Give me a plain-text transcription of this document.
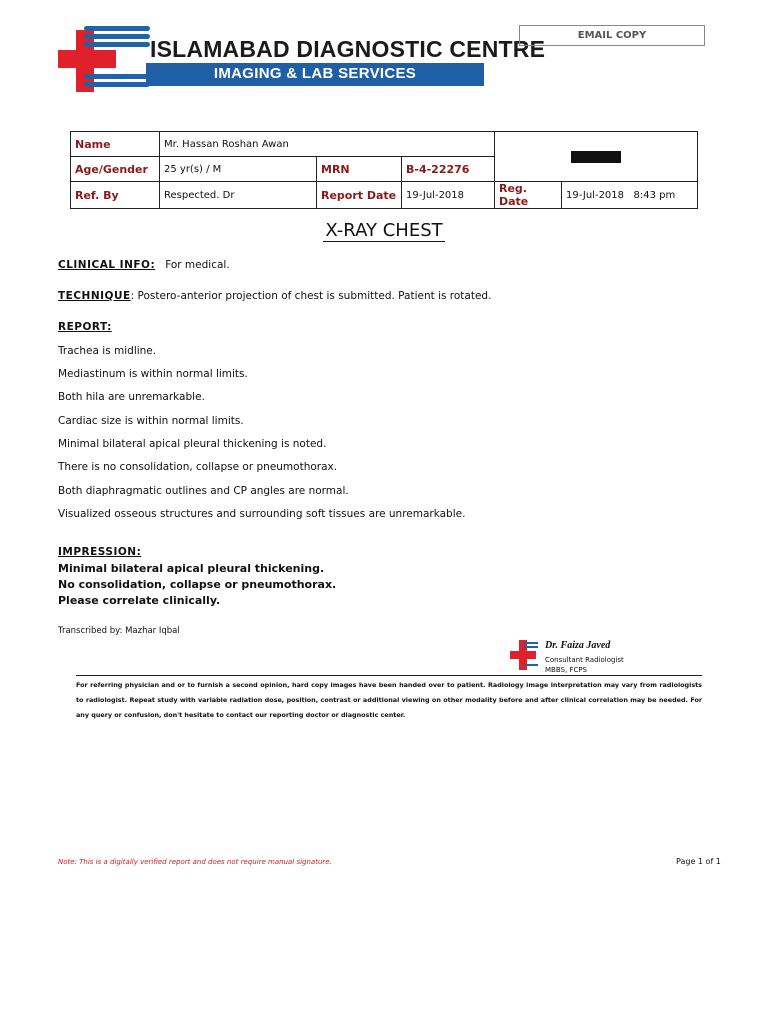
ISLAMABAD DIAGNOSTIC CENTRE
IMAGING & LAB SERVICES
EMAIL COPY
Name	Mr. Hassan Roshan Awan				
Age/Gender	25 yr(s) / M	MRN	B-4-22276		
Ref. By	Respected. Dr	Report Date	19-Jul-2018	Reg. Date	19-Jul-2018   8:43 pm
X-RAY CHEST
CLINICAL INFO: For medical.
TECHNIQUE: Postero-anterior projection of chest is submitted. Patient is rotated.
REPORT:
Trachea is midline.
Mediastinum is within normal limits.
Both hila are unremarkable.
Cardiac size is within normal limits.
Minimal bilateral apical pleural thickening is noted.
There is no consolidation, collapse or pneumothorax.
Both diaphragmatic outlines and CP angles are normal.
Visualized osseous structures and surrounding soft tissues are unremarkable.
IMPRESSION:
Minimal bilateral apical pleural thickening.
No consolidation, collapse or pneumothorax.
Please correlate clinically.
Transcribed by: Mazhar Iqbal
Dr. Faiza Javed
Consultant Radiologist
MBBS, FCPS
For referring physician and or to furnish a second opinion, hard copy images have been handed over to patient. Radiology image interpretation may vary from radiologists to radiologist. Repeat study with variable radiation dose, position, contrast or additional viewing on other modality before and after clinical correlation may be needed. For any query or confusion, don't hesitate to contact our reporting doctor or diagnostic center.
Note: This is a digitally verified report and does not require manual signature.	Page 1 of 1
